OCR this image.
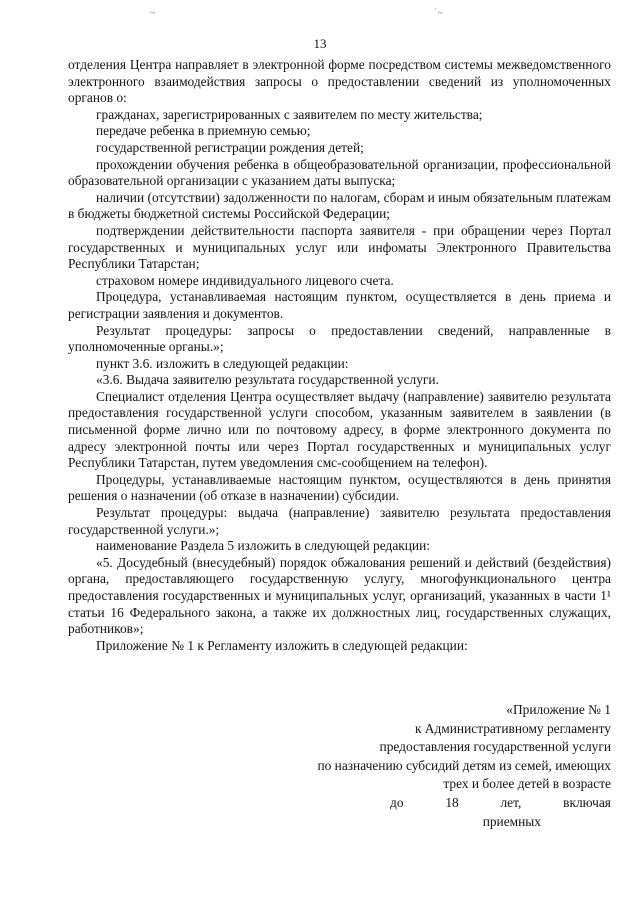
~	`~
13

отделения Центра направляет в электронной форме посредством системы межведомственного электронного взаимодействия запросы о предоставлении сведений из уполномоченных органов о:

гражданах, зарегистрированных с заявителем по месту жительства;

передаче ребенка в приемную семью;

государственной регистрации рождения детей;

прохождении обучения ребенка в общеобразовательной организации, профессиональной образовательной организации с указанием даты выпуска;

наличии (отсутствии) задолженности по налогам, сборам и иным обязательным платежам в бюджеты бюджетной системы Российской Федерации;

подтверждении действительности паспорта заявителя - при обращении через Портал государственных и муниципальных услуг или инфоматы Электронного Правительства Республики Татарстан;

страховом номере индивидуального лицевого счета.

Процедура, устанавливаемая настоящим пунктом, осуществляется в день приема и регистрации заявления и документов.

Результат процедуры: запросы о предоставлении сведений, направленные в уполномоченные органы.»;

пункт 3.6. изложить в следующей редакции:

«3.6. Выдача заявителю результата государственной услуги.

Специалист отделения Центра осуществляет выдачу (направление) заявителю результата предоставления государственной услуги способом, указанным заявителем в заявлении (в письменной форме лично или по почтовому адресу, в форме электронного документа по адресу электронной почты или через Портал государственных и муниципальных услуг Республики Татарстан, путем уведомления смс-сообщением на телефон).

Процедуры, устанавливаемые настоящим пунктом, осуществляются в день принятия решения о назначении (об отказе в назначении) субсидии.

Результат процедуры: выдача (направление) заявителю результата предоставления государственной услуги.»;

наименование Раздела 5 изложить в следующей редакции:

«5. Досудебный (внесудебный) порядок обжалования решений и действий (бездействия) органа, предоставляющего государственную услугу, многофункционального центра предоставления государственных и муниципальных услуг, организаций, указанных в части 1¹ статьи 16 Федерального закона, а также их должностных лиц, государственных служащих, работников»;

Приложение № 1 к Регламенту изложить в следующей редакции:

«Приложение № 1
к Административному регламенту
предоставления государственной услуги
по назначению субсидий детям из семей, имеющих
трех и более детей в возрасте
до	18	лет,	включая
приемных
